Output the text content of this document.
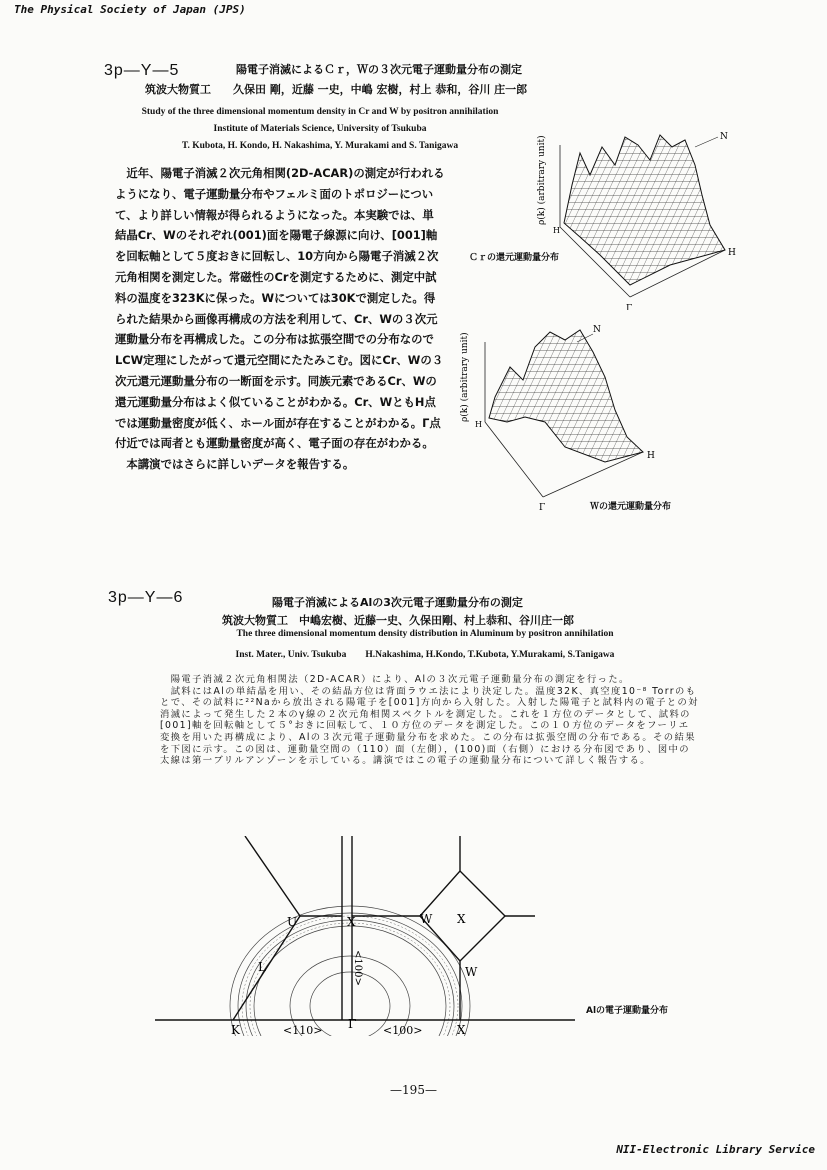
The Physical Society of Japan (JPS)
3p—Y—5	陽電子消滅によるＣｒ，Ｗの３次元電子運動量分布の測定
筑波大物質工　　久保田 剛，近藤 一史，中嶋 宏樹，村上 恭和，谷川 庄一郎
Study of the three dimensional momentum density in Cr and W by positron annihilation
Institute of Materials Science, University of Tsukuba
T. Kubota, H. Kondo, H. Nakashima, Y. Murakami and S. Tanigawa
　近年、陽電子消滅２次元角相関(2D-ACAR)の測定が行われるようになり、電子運動量分布やフェルミ面のトポロジーについて、より詳しい情報が得られるようになった。本実験では、単結晶Cr、Wのそれぞれ(001)面を陽電子線源に向け、[001]軸を回転軸として５度おきに回転し、10方向から陽電子消滅２次元角相関を測定した。常磁性のCrを測定するために、測定中試料の温度を323Kに保った。Wについては30Kで測定した。得られた結果から画像再構成の方法を利用して、Cr、Wの３次元運動量分布を再構成した。この分布は拡張空間での分布なのでLCW定理にしたがって還元空間にたたみこむ。図にCr、Wの３次元還元運動量分布の一断面を示す。同族元素であるCr、Wの還元運動量分布はよく似ていることがわかる。Cr、WともH点では運動量密度が低く、ホール面が存在することがわかる。Γ点付近では両者とも運動量密度が高く、電子面の存在がわかる。
　本講演ではさらに詳しいデータを報告する。
N
H
H
Γ
ρ(k) (arbitrary unit)
Ｃｒの還元運動量分布
N
H
H
Γ
ρ(k) (arbitrary unit)
Ｗの還元運動量分布
3p—Y—6	陽電子消滅によるAlの3次元電子運動量分布の測定
筑波大物質工　中嶋宏樹、近藤一史、久保田剛、村上恭和、谷川庄一郎
The three dimensional momentum density distribution in Aluminum by positron annihilation
Inst. Mater., Univ. Tsukuba　　H.Nakashima, H.Kondo, T.Kubota, Y.Murakami, S.Tanigawa
　陽電子消滅２次元角相関法（2D-ACAR）により、Alの３次元電子運動量分布の測定を行った。
　試料にはAlの単結晶を用い、その結晶方位は背面ラウエ法により決定した。温度32K、真空度10⁻⁸ Torrのもとで、その試料に²²Naから放出される陽電子を[001]方向から入射した。入射した陽電子と試料内の電子との対消滅によって発生した２本のγ線の２次元角相関スペクトルを測定した。これを１方位のデータとして、試料の[001]軸を回転軸として５°おきに回転して、１０方位のデータを測定した。この１０方位のデータをフーリエ変換を用いた再構成により、Alの３次元電子運動量分布を求めた。この分布は拡張空間の分布である。その結果を下図に示す。この図は、運動量空間の（110）面（左側），(100)面（右側）における分布図であり、図中の太線は第一ブリルアンゾーンを示している。講演ではこの電子の運動量分布について詳しく報告する。
U
L
K
X	W X
W
X
Γ
<110>	<100>
<100>
Alの電子運動量分布
—195—
NII-Electronic Library Service
